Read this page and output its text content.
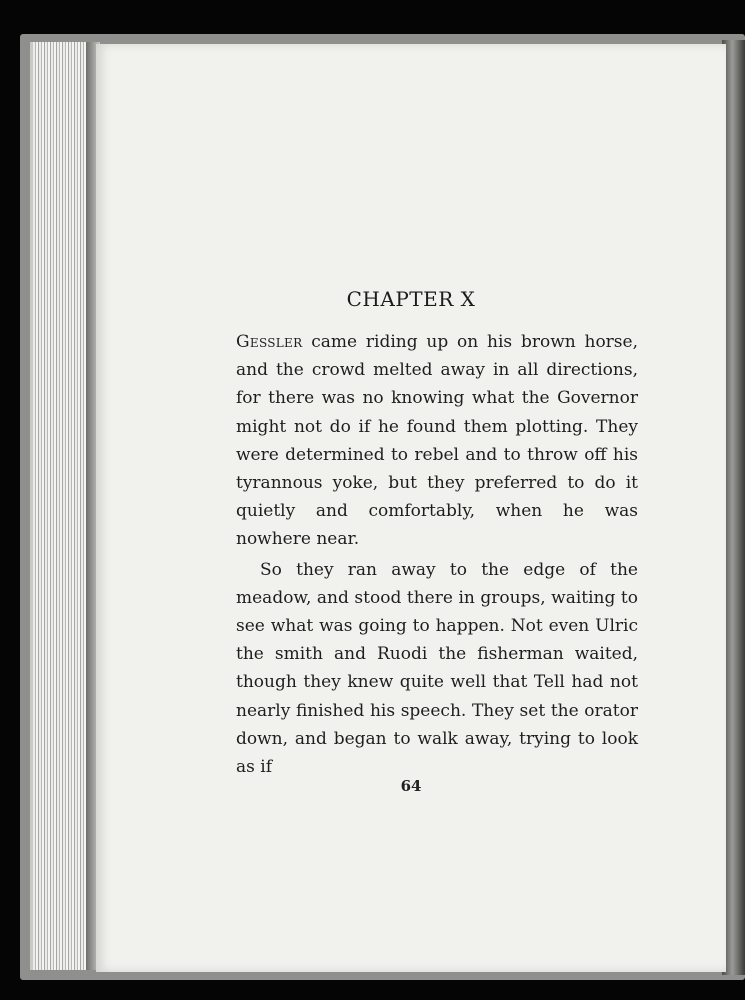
CHAPTER X

Gessler came riding up on his brown horse, and the crowd melted away in all directions, for there was no knowing what the Governor might not do if he found them plotting. They were determined to rebel and to throw off his tyrannous yoke, but they preferred to do it quietly and comfortably, when he was nowhere near.

So they ran away to the edge of the meadow, and stood there in groups, waiting to see what was going to happen. Not even Ulric the smith and Ruodi the fisherman waited, though they knew quite well that Tell had not nearly finished his speech. They set the orator down, and began to walk away, trying to look as if

64
